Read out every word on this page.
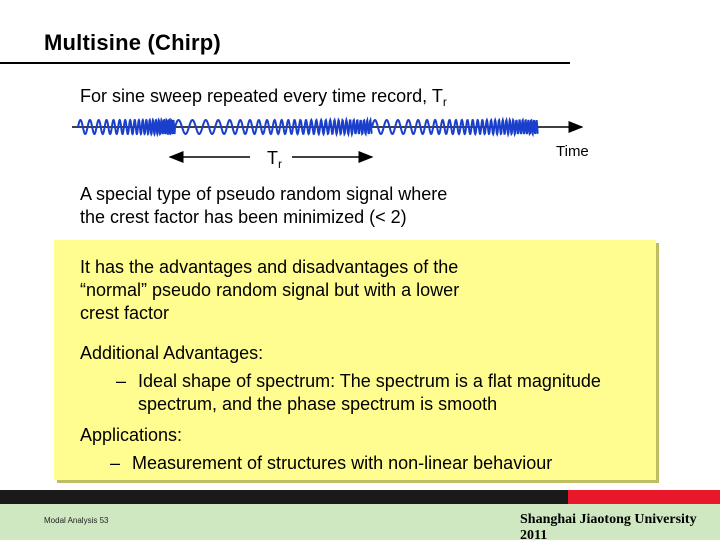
Multisine (Chirp)
For sine sweep repeated every time record, $T_r$
Time
$T_r$
A special type of pseudo random signal where
the crest factor has been minimized (< 2)
It has the advantages and disadvantages of the “normal” pseudo random signal but with a lower crest factor
Additional Advantages:
– Ideal shape of spectrum: The spectrum is a flat magnitude spectrum, and the phase spectrum is smooth
Applications:
– Measurement of structures with non-linear behaviour
Modal Analysis 53	Shanghai Jiaotong University 2011
